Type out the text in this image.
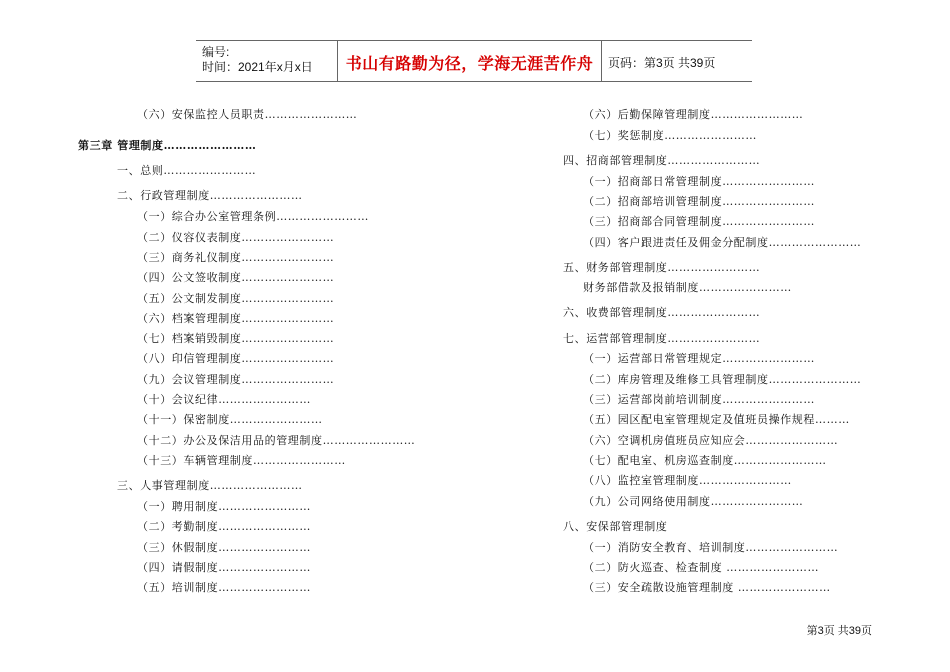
编号:
时间：2021年x月x日	书山有路勤为径，学海无涯苦作舟	页码：第3页 共39页
（六）安保监控人员职责……………………
第三章 管理制度……………………
一、总则……………………
二、行政管理制度……………………
（一）综合办公室管理条例……………………
（二）仪容仪表制度……………………
（三）商务礼仪制度……………………
（四）公文签收制度……………………
（五）公文制发制度……………………
（六）档案管理制度……………………
（七）档案销毁制度……………………
（八）印信管理制度……………………
（九）会议管理制度……………………
（十）会议纪律……………………
（十一）保密制度……………………
（十二）办公及保洁用品的管理制度……………………
（十三）车辆管理制度……………………
三、人事管理制度……………………
（一）聘用制度……………………
（二）考勤制度……………………
（三）休假制度……………………
（四）请假制度……………………
（五）培训制度……………………
（六）后勤保障管理制度……………………
（七）奖惩制度……………………
四、招商部管理制度……………………
（一）招商部日常管理制度……………………
（二）招商部培训管理制度……………………
（三）招商部合同管理制度……………………
（四）客户跟进责任及佣金分配制度……………………
五、财务部管理制度……………………
财务部借款及报销制度……………………
六、收费部管理制度……………………
七、运营部管理制度……………………
（一）运营部日常管理规定……………………
（二）库房管理及维修工具管理制度……………………
（三）运营部岗前培训制度……………………
（五）园区配电室管理规定及值班员操作规程………
（六）空调机房值班员应知应会……………………
（七）配电室、机房巡查制度……………………
（八）监控室管理制度……………………
（九）公司网络使用制度……………………
八、安保部管理制度
（一）消防安全教育、培训制度……………………
（二）防火巡查、检查制度 ……………………
（三）安全疏散设施管理制度 ……………………
第3页 共39页
